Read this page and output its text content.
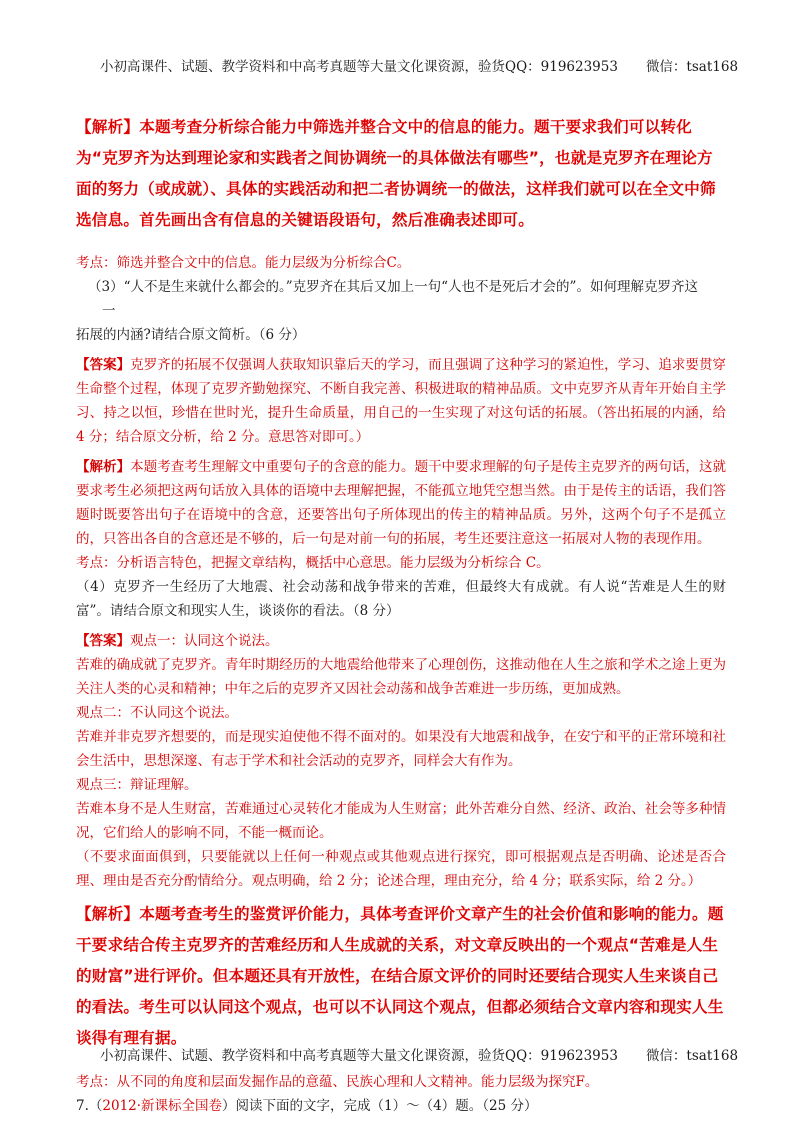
小初高课件、试题、教学资料和中高考真题等大量文化课资源，验货QQ：919623953 微信：tsat168

【解析】本题考查分析综合能力中筛选并整合文中的信息的能力。题干要求我们可以转化为“克罗齐为达到理论家和实践者之间协调统一的具体做法有哪些”，也就是克罗齐在理论方面的努力（或成就）、具体的实践活动和把二者协调统一的做法，这样我们就可以在全文中筛选信息。首先画出含有信息的关键语段语句，然后准确表述即可。

考点：筛选并整合文中的信息。能力层级为分析综合C。

（3）“人不是生来就什么都会的。”克罗齐在其后又加上一句“人也不是死后才会的”。如何理解克罗齐这

一

拓展的内涵?请结合原文简析。（6 分）

【答案】克罗齐的拓展不仅强调人获取知识靠后天的学习，而且强调了这种学习的紧迫性，学习、追求要贯穿生命整个过程，体现了克罗齐勤勉探究、不断自我完善、积极进取的精神品质。文中克罗齐从青年开始自主学习、持之以恒，珍惜在世时光，提升生命质量，用自己的一生实现了对这句话的拓展。（答出拓展的内涵，给 4 分；结合原文分析，给 2 分。意思答对即可。）

【解析】本题考查考生理解文中重要句子的含意的能力。题干中要求理解的句子是传主克罗齐的两句话，这就要求考生必须把这两句话放入具体的语境中去理解把握，不能孤立地凭空想当然。由于是传主的话语，我们答题时既要答出句子在语境中的含意，还要答出句子所体现出的传主的精神品质。另外，这两个句子不是孤立的，只答出各自的含意还是不够的，后一句是对前一句的拓展，考生还要注意这一拓展对人物的表现作用。

考点：分析语言特色，把握文章结构，概括中心意思。能力层级为分析综合 C。

（4）克罗齐一生经历了大地震、社会动荡和战争带来的苦难，但最终大有成就。有人说“苦难是人生的财富”。请结合原文和现实人生，谈谈你的看法。（8 分）

【答案】观点一：认同这个说法。

苦难的确成就了克罗齐。青年时期经历的大地震给他带来了心理创伤，这推动他在人生之旅和学术之途上更为关注人类的心灵和精神；中年之后的克罗齐又因社会动荡和战争苦难进一步历练，更加成熟。

观点二：不认同这个说法。

苦难并非克罗齐想要的，而是现实迫使他不得不面对的。如果没有大地震和战争，在安宁和平的正常环境和社会生活中，思想深邃、有志于学术和社会活动的克罗齐，同样会大有作为。

观点三：辩证理解。

苦难本身不是人生财富，苦难通过心灵转化才能成为人生财富；此外苦难分自然、经济、政治、社会等多种情况，它们给人的影响不同，不能一概而论。

（不要求面面俱到，只要能就以上任何一种观点或其他观点进行探究，即可根据观点是否明确、论述是否合理、理由是否充分酌情给分。观点明确，给 2 分；论述合理，理由充分，给 4 分；联系实际，给 2 分。）

【解析】本题考查考生的鉴赏评价能力，具体考查评价文章产生的社会价值和影响的能力。题干要求结合传主克罗齐的苦难经历和人生成就的关系，对文章反映出的一个观点“苦难是人生的财富”进行评价。但本题还具有开放性，在结合原文评价的同时还要结合现实人生来谈自己的看法。考生可以认同这个观点，也可以不认同这个观点，但都必须结合文章内容和现实人生谈得有理有据。

考点：从不同的角度和层面发掘作品的意蕴、民族心理和人文精神。能力层级为探究F。

7.（2012·新课标全国卷）阅读下面的文字，完成（1）～（4）题。（25 分）

小初高课件、试题、教学资料和中高考真题等大量文化课资源，验货QQ：919623953 微信：tsat168
